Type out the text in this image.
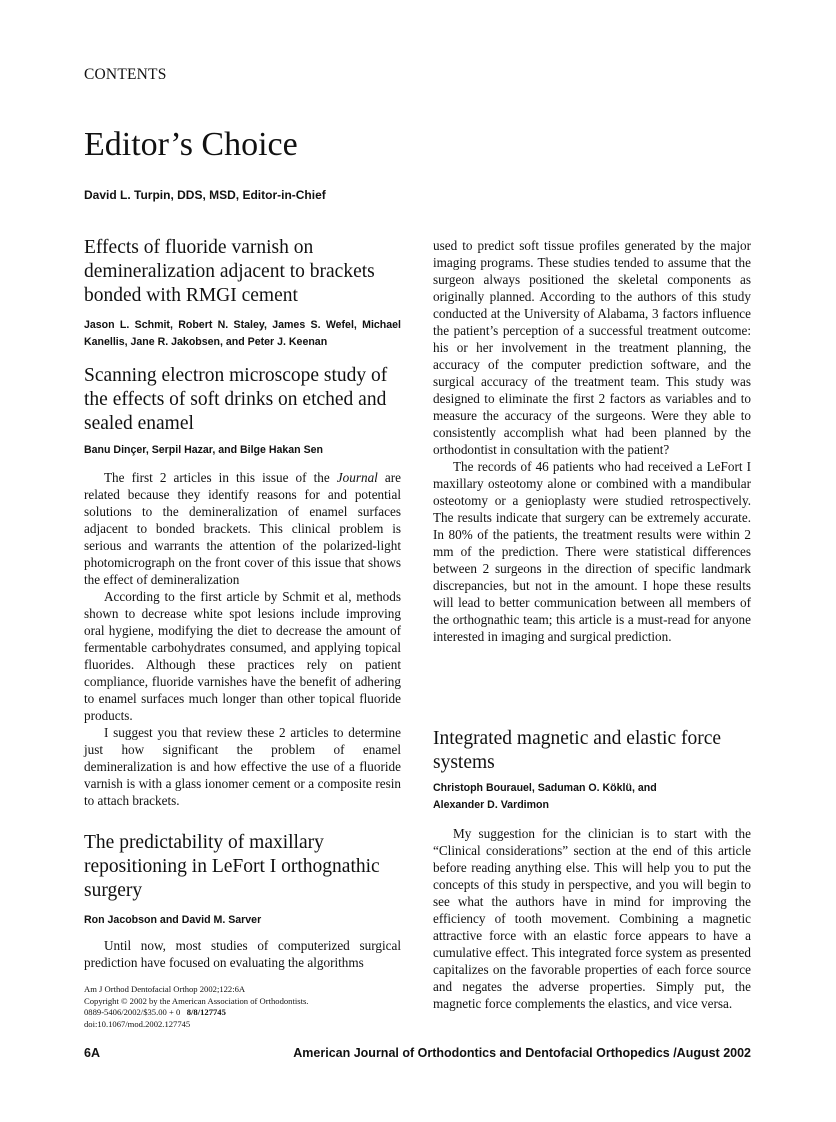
CONTENTS
Editor’s Choice
David L. Turpin, DDS, MSD, Editor-in-Chief
Effects of fluoride varnish on demineralization adjacent to brackets bonded with RMGI cement
Jason L. Schmit, Robert N. Staley, James S. Wefel, Michael Kanellis, Jane R. Jakobsen, and Peter J. Keenan
Scanning electron microscope study of the effects of soft drinks on etched and sealed enamel
Banu Dinçer, Serpil Hazar, and Bilge Hakan Sen

The first 2 articles in this issue of the Journal are related because they identify reasons for and potential solutions to the demineralization of enamel surfaces adjacent to bonded brackets. This clinical problem is serious and warrants the attention of the polarized-light photomicrograph on the front cover of this issue that shows the effect of demineralization

According to the first article by Schmit et al, methods shown to decrease white spot lesions include improving oral hygiene, modifying the diet to decrease the amount of fermentable carbohydrates consumed, and applying topical fluorides. Although these practices rely on patient compliance, fluoride varnishes have the benefit of adhering to enamel surfaces much longer than other topical fluoride products.

I suggest you that review these 2 articles to determine just how significant the problem of enamel demineralization is and how effective the use of a fluoride varnish is with a glass ionomer cement or a composite resin to attach brackets.

The predictability of maxillary repositioning in LeFort I orthognathic surgery
Ron Jacobson and David M. Sarver

Until now, most studies of computerized surgical prediction have focused on evaluating the algorithms

Am J Orthod Dentofacial Orthop 2002;122:6A
Copyright © 2002 by the American Association of Orthodontists.
0889-5406/2002/$35.00 + 0 8/8/127745
doi:10.1067/mod.2002.127745

used to predict soft tissue profiles generated by the major imaging programs. These studies tended to assume that the surgeon always positioned the skeletal components as originally planned. According to the authors of this study conducted at the University of Alabama, 3 factors influence the patient’s perception of a successful treatment outcome: his or her involvement in the treatment planning, the accuracy of the computer prediction software, and the surgical accuracy of the treatment team. This study was designed to eliminate the first 2 factors as variables and to measure the accuracy of the surgeons. Were they able to consistently accomplish what had been planned by the orthodontist in consultation with the patient?

The records of 46 patients who had received a LeFort I maxillary osteotomy alone or combined with a mandibular osteotomy or a genioplasty were studied retrospectively. The results indicate that surgery can be extremely accurate. In 80% of the patients, the treatment results were within 2 mm of the prediction. There were statistical differences between 2 surgeons in the direction of specific landmark discrepancies, but not in the amount. I hope these results will lead to better communication between all members of the orthognathic team; this article is a must-read for anyone interested in imaging and surgical prediction.

Integrated magnetic and elastic force systems
Christoph Bourauel, Saduman O. Köklü, and Alexander D. Vardimon

My suggestion for the clinician is to start with the “Clinical considerations” section at the end of this article before reading anything else. This will help you to put the concepts of this study in perspective, and you will begin to see what the authors have in mind for improving the efficiency of tooth movement. Combining a magnetic attractive force with an elastic force appears to have a cumulative effect. This integrated force system as presented capitalizes on the favorable properties of each force source and negates the adverse properties. Simply put, the magnetic force complements the elastics, and vice versa.

6A	American Journal of Orthodontics and Dentofacial Orthopedics /August 2002
